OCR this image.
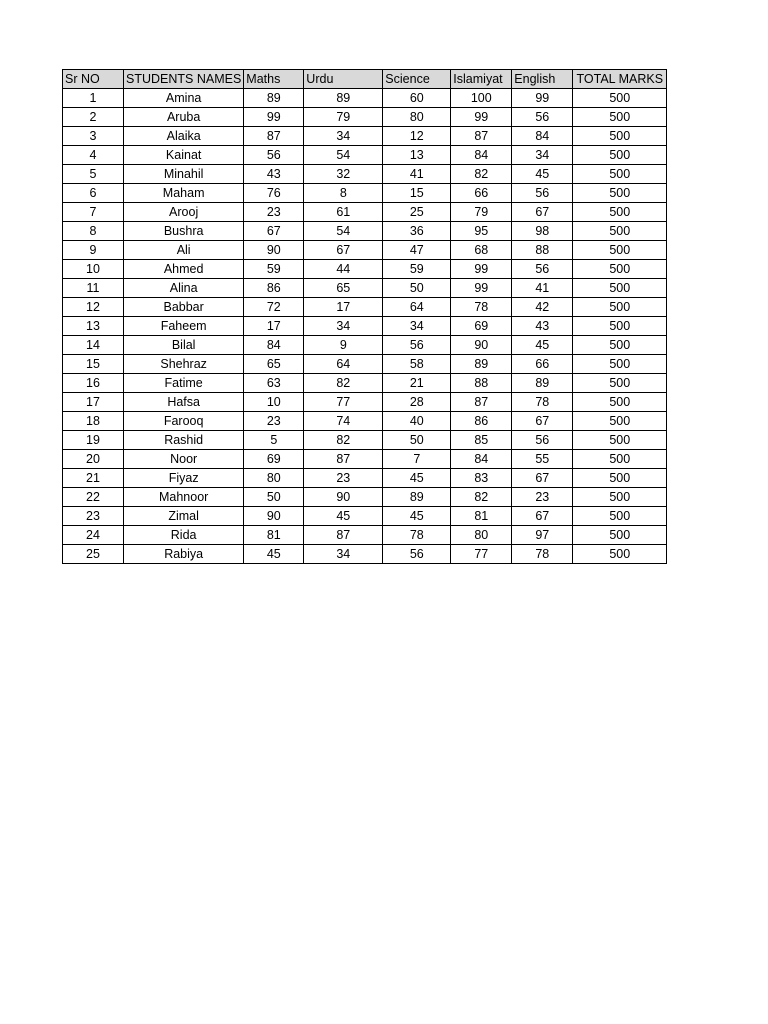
Sr NO	STUDENTS NAMES	Maths	Urdu	Science	Islamiyat	English	TOTAL MARKS
1	Amina	89	89	60	100	99	500
2	Aruba	99	79	80	99	56	500
3	Alaika	87	34	12	87	84	500
4	Kainat	56	54	13	84	34	500
5	Minahil	43	32	41	82	45	500
6	Maham	76	8	15	66	56	500
7	Arooj	23	61	25	79	67	500
8	Bushra	67	54	36	95	98	500
9	Ali	90	67	47	68	88	500
10	Ahmed	59	44	59	99	56	500
11	Alina	86	65	50	99	41	500
12	Babbar	72	17	64	78	42	500
13	Faheem	17	34	34	69	43	500
14	Bilal	84	9	56	90	45	500
15	Shehraz	65	64	58	89	66	500
16	Fatime	63	82	21	88	89	500
17	Hafsa	10	77	28	87	78	500
18	Farooq	23	74	40	86	67	500
19	Rashid	5	82	50	85	56	500
20	Noor	69	87	7	84	55	500
21	Fiyaz	80	23	45	83	67	500
22	Mahnoor	50	90	89	82	23	500
23	Zimal	90	45	45	81	67	500
24	Rida	81	87	78	80	97	500
25	Rabiya	45	34	56	77	78	500
